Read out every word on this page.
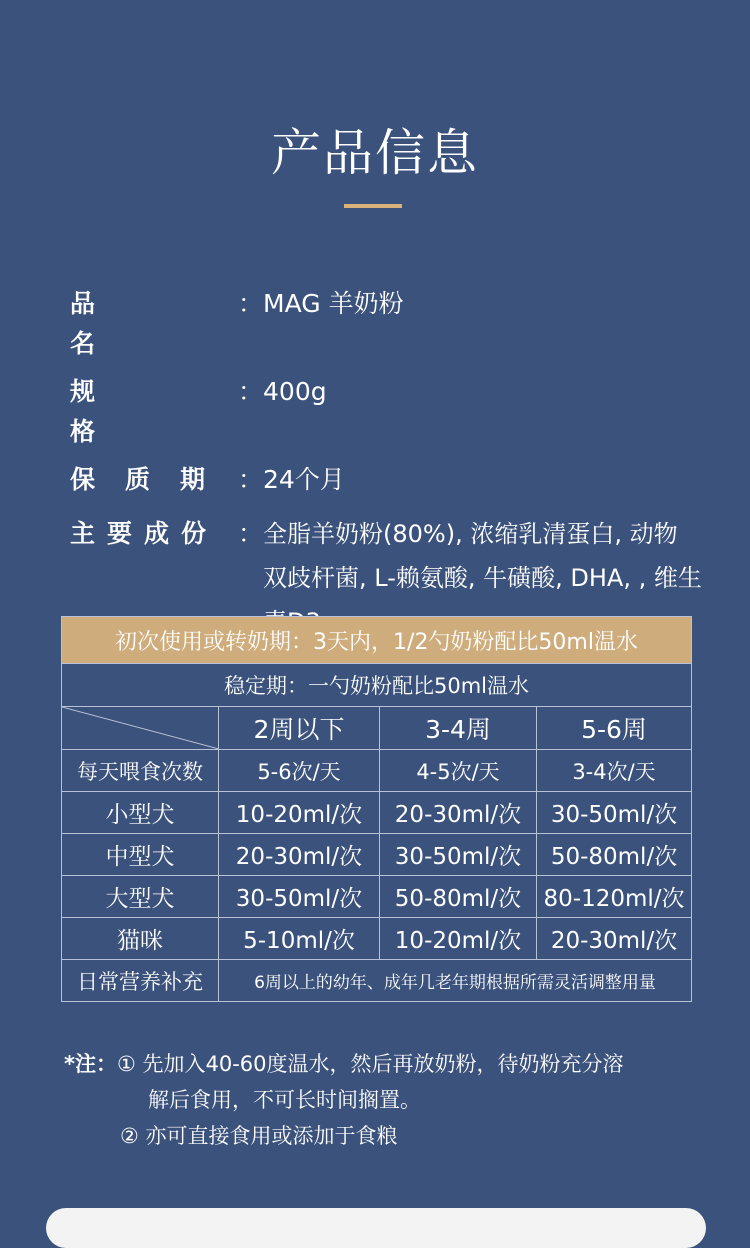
产品信息
品名
： MAG 羊奶粉
规格
： 400g
保质期 ： 24个月
主要成份 ： 全脂羊奶粉(80%), 浓缩乳清蛋白, 动物
双歧杆菌, L-赖氨酸, 牛磺酸, DHA, , 维生
初次使用或转奶期：3天内，1/2勺奶粉配比50ml温水			
稳定期：一勺奶粉配比50ml温水			

	2周以下	3-4周	5-6周
每天喂食次数	5-6次/天	4-5次/天	3-4次/天
小型犬	10-20ml/次	20-30ml/次	30-50ml/次
中型犬	20-30ml/次	30-50ml/次	50-80ml/次
大型犬	30-50ml/次	50-80ml/次	80-120ml/次
猫咪	5-10ml/次	10-20ml/次	20-30ml/次
日常营养补充	6周以上的幼年、成年几老年期根据所需灵活调整用量		
*注：① 先加入40-60度温水，然后再放奶粉，待奶粉充分溶
解后食用，不可长时间搁置。
② 亦可直接食用或添加于食粮
